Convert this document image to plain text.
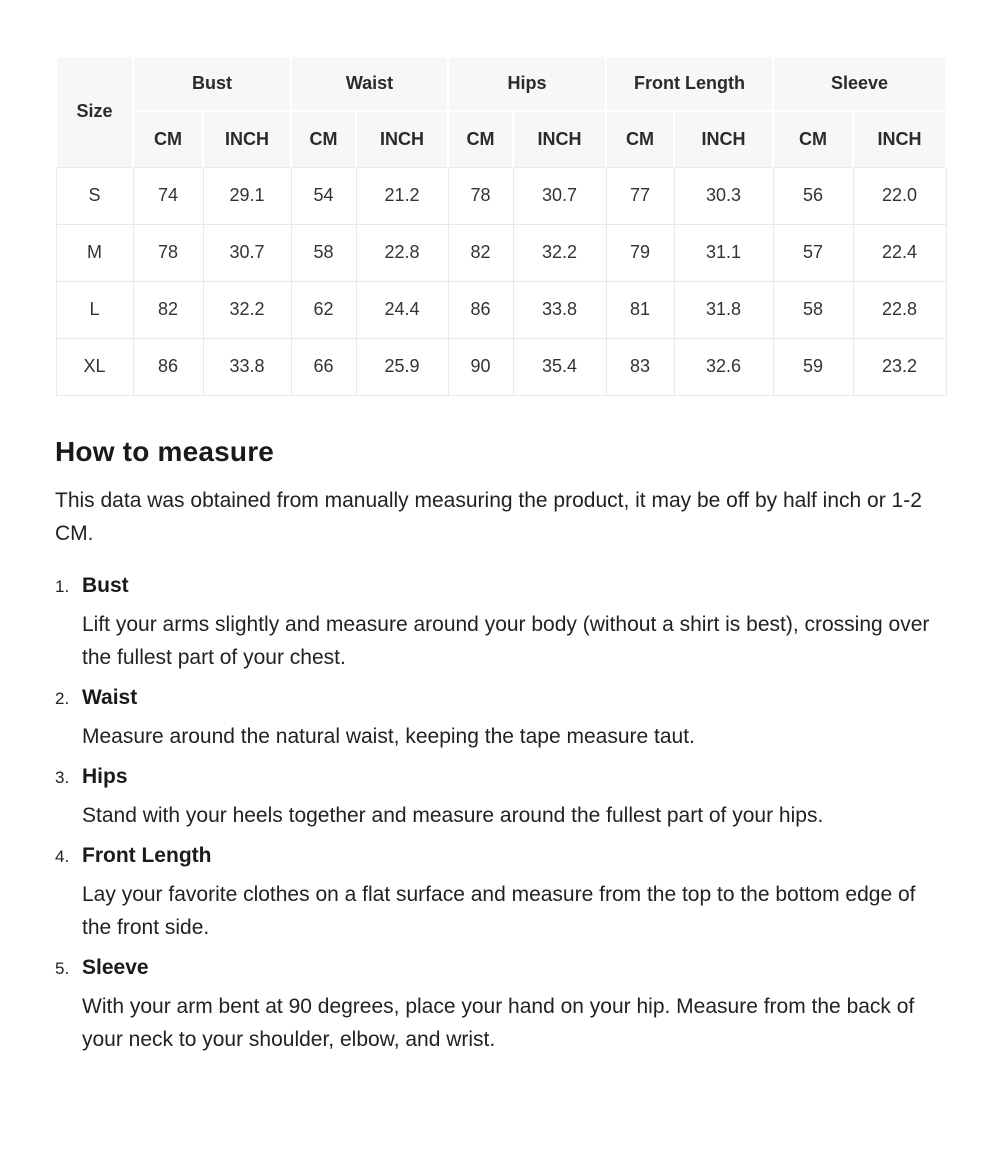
Size	Bust		Waist		Hips		Front Length		Sleeve	
	CM	INCH	CM	INCH	CM	INCH	CM	INCH	CM	INCH
S	74	29.1	54	21.2	78	30.7	77	30.3	56	22.0
M	78	30.7	58	22.8	82	32.2	79	31.1	57	22.4
L	82	32.2	62	24.4	86	33.8	81	31.8	58	22.8
XL	86	33.8	66	25.9	90	35.4	83	32.6	59	23.2
How to measure

This data was obtained from manually measuring the product, it may be off by half inch or 1-2 CM.

1. Bust

Lift your arms slightly and measure around your body (without a shirt is best), crossing over the fullest part of your chest.

2. Waist

Measure around the natural waist, keeping the tape measure taut.

3. Hips

Stand with your heels together and measure around the fullest part of your hips.

4. Front Length

Lay your favorite clothes on a flat surface and measure from the top to the bottom edge of the front side.

5. Sleeve

With your arm bent at 90 degrees, place your hand on your hip. Measure from the back of your neck to your shoulder, elbow, and wrist.
